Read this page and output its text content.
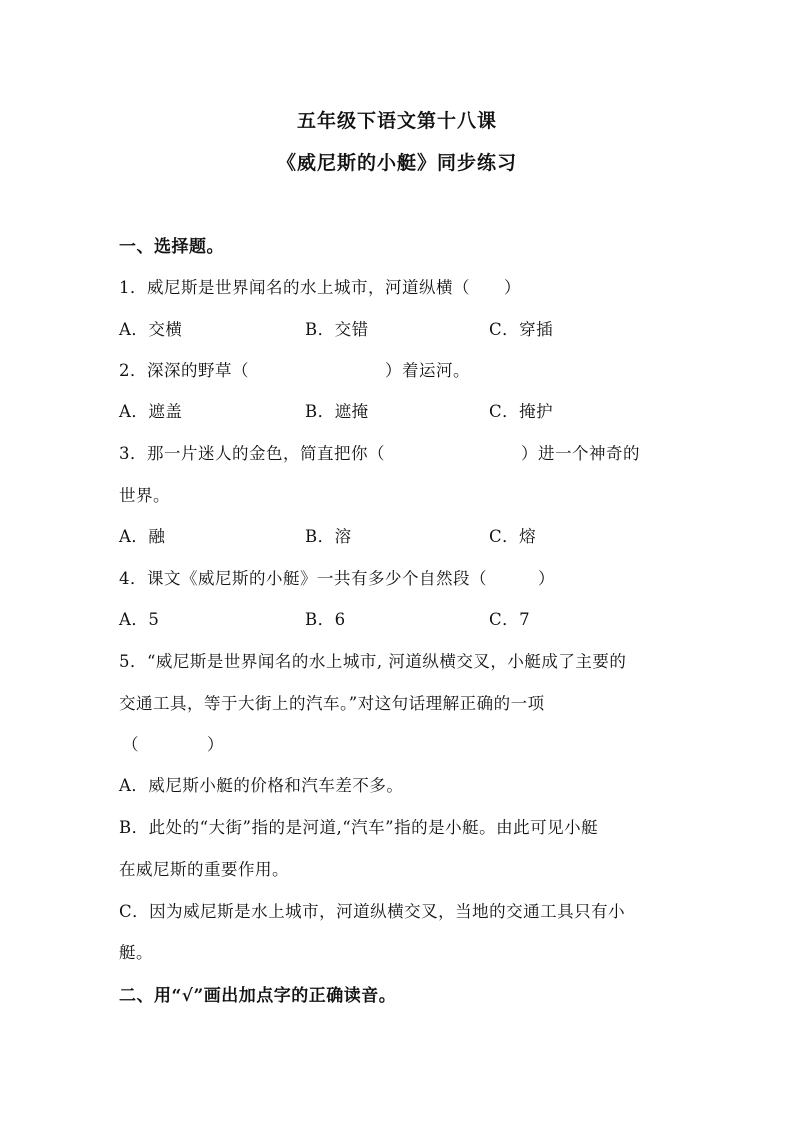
五年级下语文第十八课
《威尼斯的小艇》同步练习
一、选择题。
1．威尼斯是世界闻名的水上城市，河道纵横（　　）
A．交横	B．交错	C．穿插
2．深深的野草（　　　　　　　　）着运河。
A．遮盖	B．遮掩	C．掩护
3．那一片迷人的金色，简直把你（　　　　　　　　）进一个神奇的
世界。
A．融	B．溶	C．熔
4．课文《威尼斯的小艇》一共有多少个自然段（　　　）
A．5	B．6	C．7
5．“威尼斯是世界闻名的水上城市, 河道纵横交叉，小艇成了主要的
交通工具，等于大街上的汽车。”对这句话理解正确的一项
（　　　　）
A．威尼斯小艇的价格和汽车差不多。
B．此处的“大街”指的是河道,“汽车”指的是小艇。由此可见小艇
在威尼斯的重要作用。
C．因为威尼斯是水上城市，河道纵横交叉，当地的交通工具只有小
艇。
二、用“√”画出加点字的正确读音。
